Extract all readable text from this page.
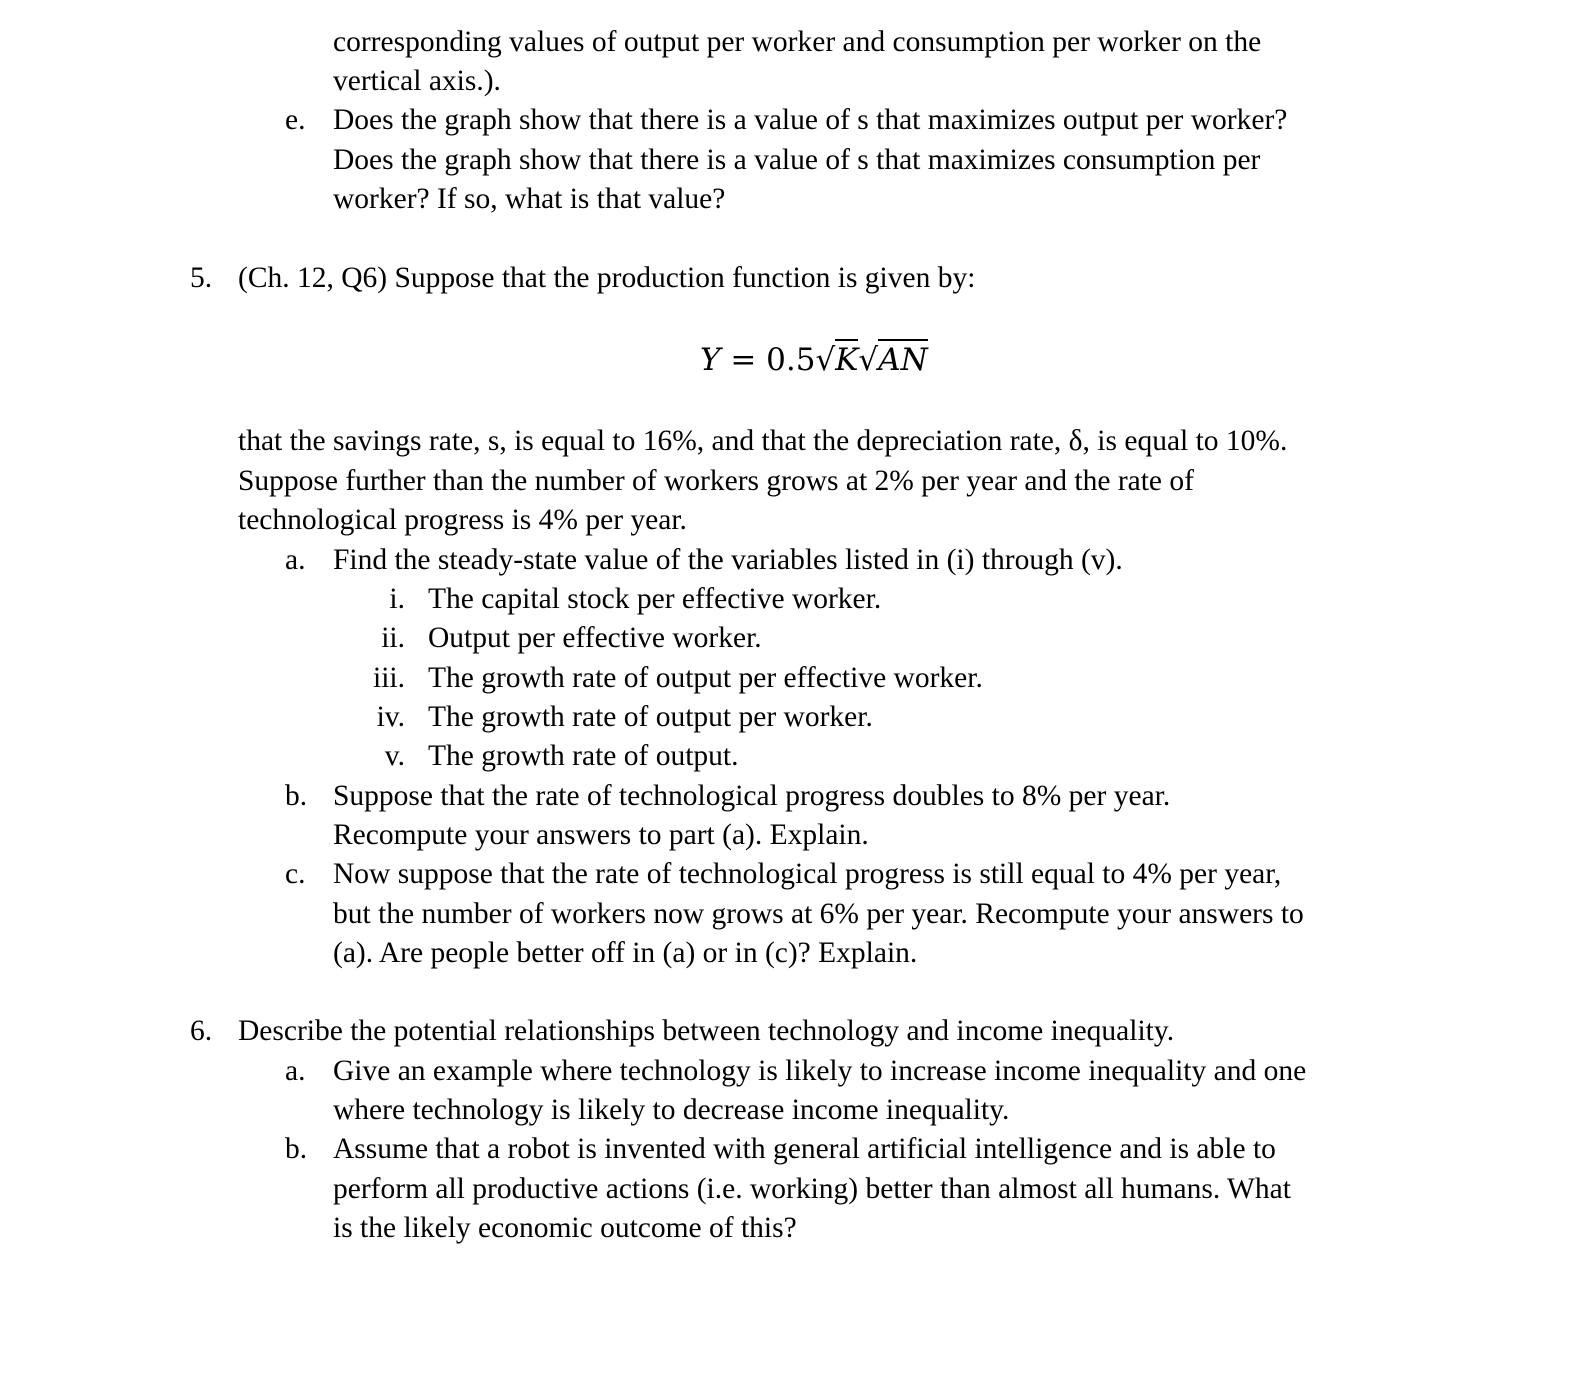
corresponding values of output per worker and consumption per worker on the
vertical axis.).
e. Does the graph show that there is a value of s that maximizes output per worker?
Does the graph show that there is a value of s that maximizes consumption per
worker? If so, what is that value?
5. (Ch. 12, Q6) Suppose that the production function is given by:
Y = 0.5√K√AN
that the savings rate, s, is equal to 16%, and that the depreciation rate, δ, is equal to 10%.
Suppose further than the number of workers grows at 2% per year and the rate of
technological progress is 4% per year.
a. Find the steady-state value of the variables listed in (i) through (v).
i. The capital stock per effective worker.
ii. Output per effective worker.
iii. The growth rate of output per effective worker.
iv. The growth rate of output per worker.
v. The growth rate of output.
b. Suppose that the rate of technological progress doubles to 8% per year.
Recompute your answers to part (a). Explain.
c. Now suppose that the rate of technological progress is still equal to 4% per year,
but the number of workers now grows at 6% per year. Recompute your answers to
(a). Are people better off in (a) or in (c)? Explain.
6. Describe the potential relationships between technology and income inequality.
a. Give an example where technology is likely to increase income inequality and one
where technology is likely to decrease income inequality.
b. Assume that a robot is invented with general artificial intelligence and is able to
perform all productive actions (i.e. working) better than almost all humans. What
is the likely economic outcome of this?
